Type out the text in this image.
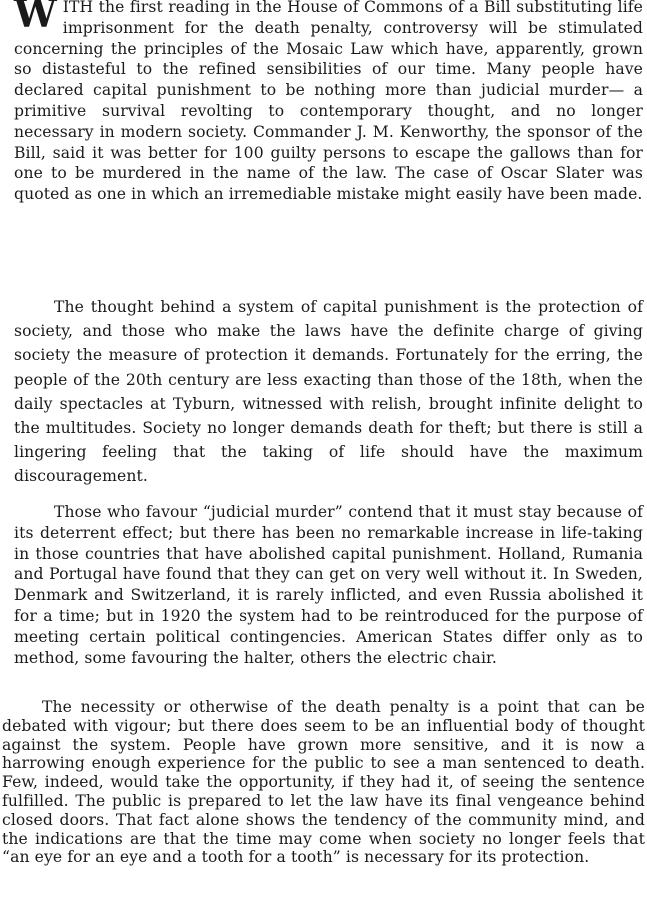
WITH the first reading in the House of Commons of a Bill substituting life imprisonment for the death penalty, controversy will be stimulated concerning the principles of the Mosaic Law which have, apparently, grown so distasteful to the refined sensibilities of our time. Many people have declared capital punishment to be nothing more than judicial murder— a primitive survival revolting to contemporary thought, and no longer necessary in modern society. Commander J. M. Kenworthy, the sponsor of the Bill, said it was better for 100 guilty persons to escape the gallows than for one to be murdered in the name of the law. The case of Oscar Slater was quoted as one in which an irremediable mistake might easily have been made.

The thought behind a system of capital punishment is the protection of society, and those who make the laws have the definite charge of giving society the measure of protection it demands. Fortunately for the erring, the people of the 20th century are less exacting than those of the 18th, when the daily spectacles at Tyburn, witnessed with relish, brought infinite delight to the multitudes. Society no longer demands death for theft; but there is still a lingering feeling that the taking of life should have the maximum discouragement.

Those who favour “judicial murder” contend that it must stay because of its deterrent effect; but there has been no remarkable increase in life-taking in those countries that have abolished capital punishment. Holland, Rumania and Portugal have found that they can get on very well without it. In Sweden, Denmark and Switzerland, it is rarely inflicted, and even Russia abolished it for a time; but in 1920 the system had to be reintroduced for the purpose of meeting certain political contingencies. American States differ only as to method, some favouring the halter, others the electric chair.

The necessity or otherwise of the death penalty is a point that can be debated with vigour; but there does seem to be an influential body of thought against the system. People have grown more sensitive, and it is now a harrowing enough experience for the public to see a man sentenced to death. Few, indeed, would take the opportunity, if they had it, of seeing the sentence fulfilled. The public is prepared to let the law have its final vengeance behind closed doors. That fact alone shows the tendency of the community mind, and the indications are that the time may come when society no longer feels that “an eye for an eye and a tooth for a tooth” is necessary for its protection.
